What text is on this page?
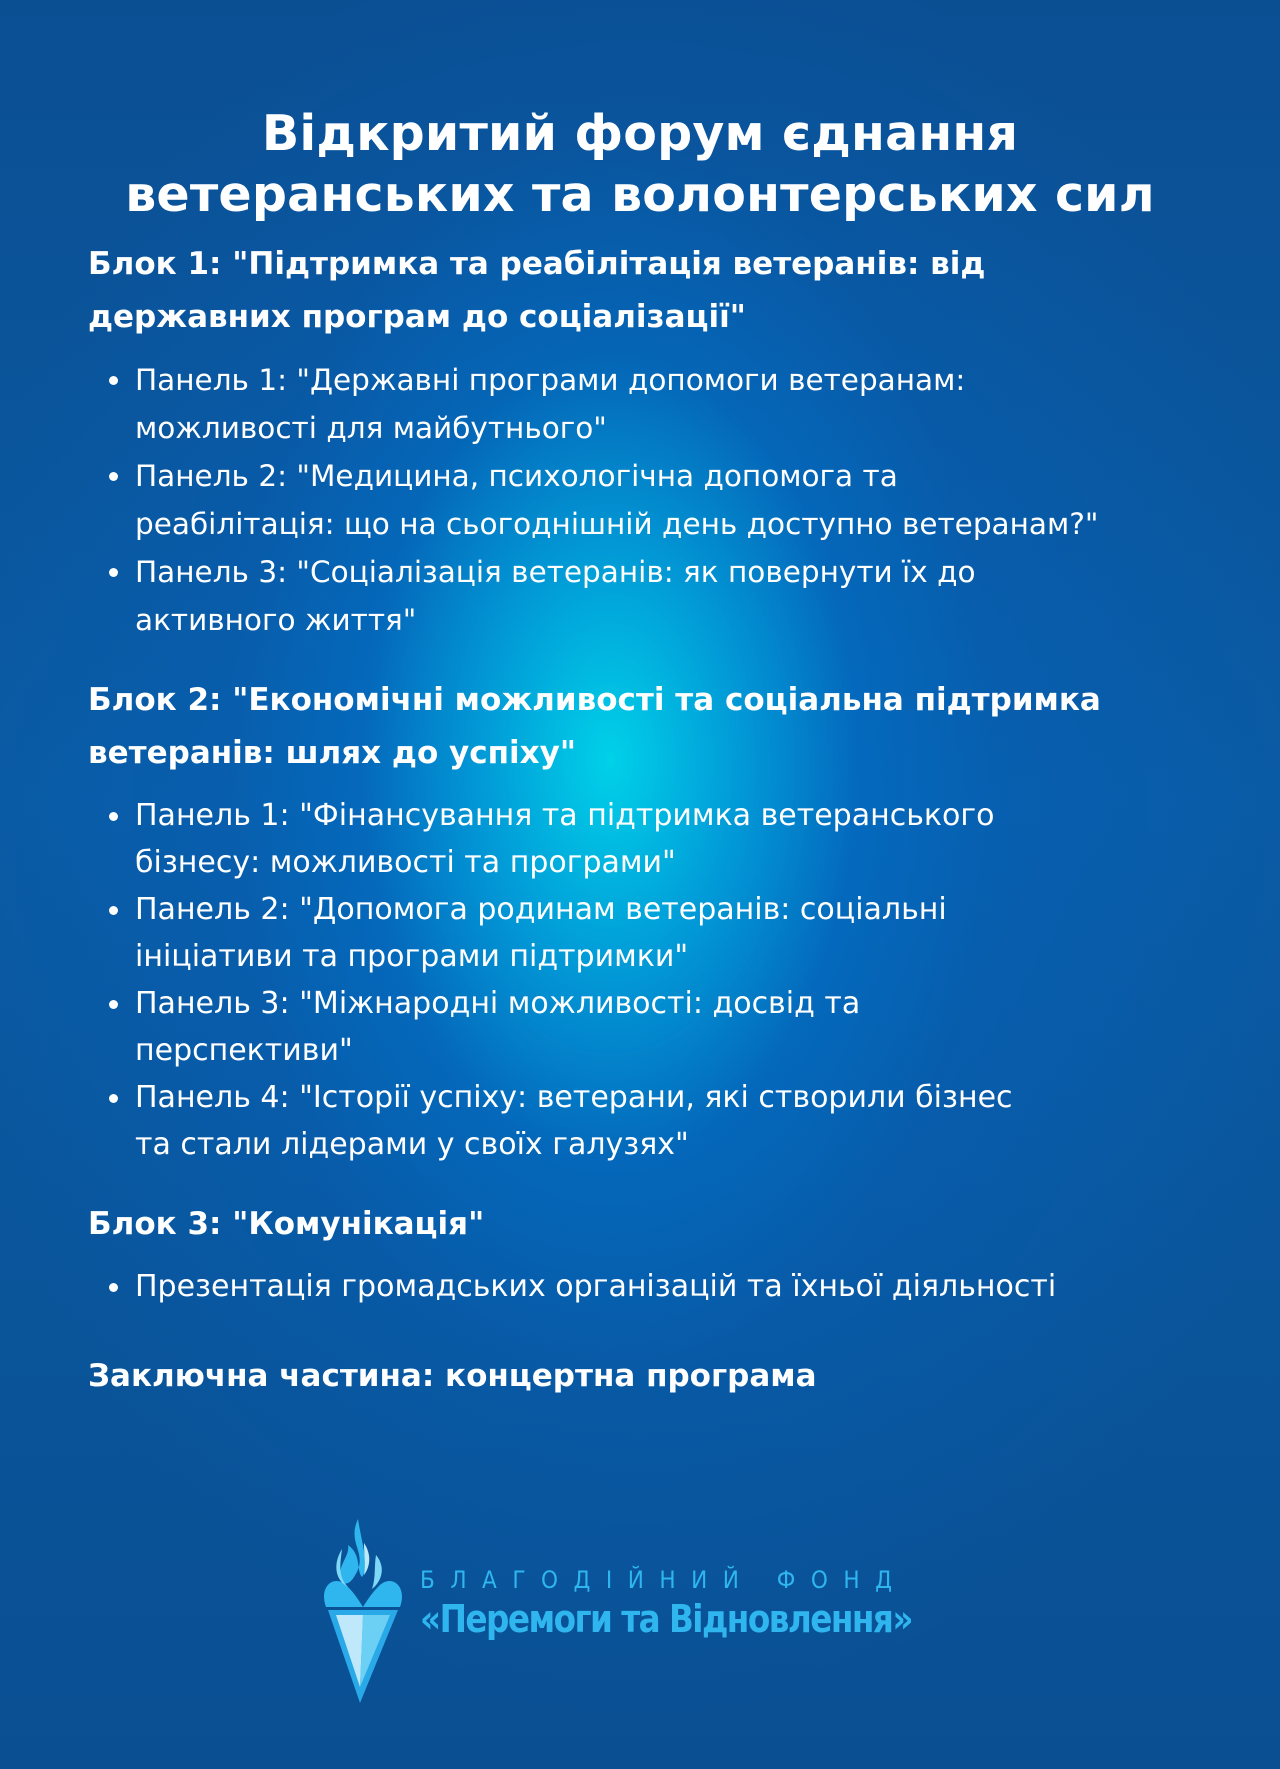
Відкритий форум єднання
ветеранських та волонтерських сил
Блок 1: "Підтримка та реабілітація ветеранів: від
державних програм до соціалізації"
Панель 1: "Державні програми допомоги ветеранам:
можливості для майбутнього"
Панель 2: "Медицина, психологічна допомога та
реабілітація: що на сьогоднішній день доступно ветеранам?"
Панель 3: "Соціалізація ветеранів: як повернути їх до
активного життя"
Блок 2: "Економічні можливості та соціальна підтримка
ветеранів: шлях до успіху"
Панель 1: "Фінансування та підтримка ветеранського
бізнесу: можливості та програми"
Панель 2: "Допомога родинам ветеранів: соціальні
ініціативи та програми підтримки"
Панель 3: "Міжнародні можливості: досвід та
перспективи"
Панель 4: "Історії успіху: ветерани, які створили бізнес
та стали лідерами у своїх галузях"
Блок 3: "Комунікація"
Презентація громадських організацій та їхньої діяльності
Заключна частина: концертна програма
БЛАГОДІЙНИЙ ФОНД
«Перемоги та Відновлення»
